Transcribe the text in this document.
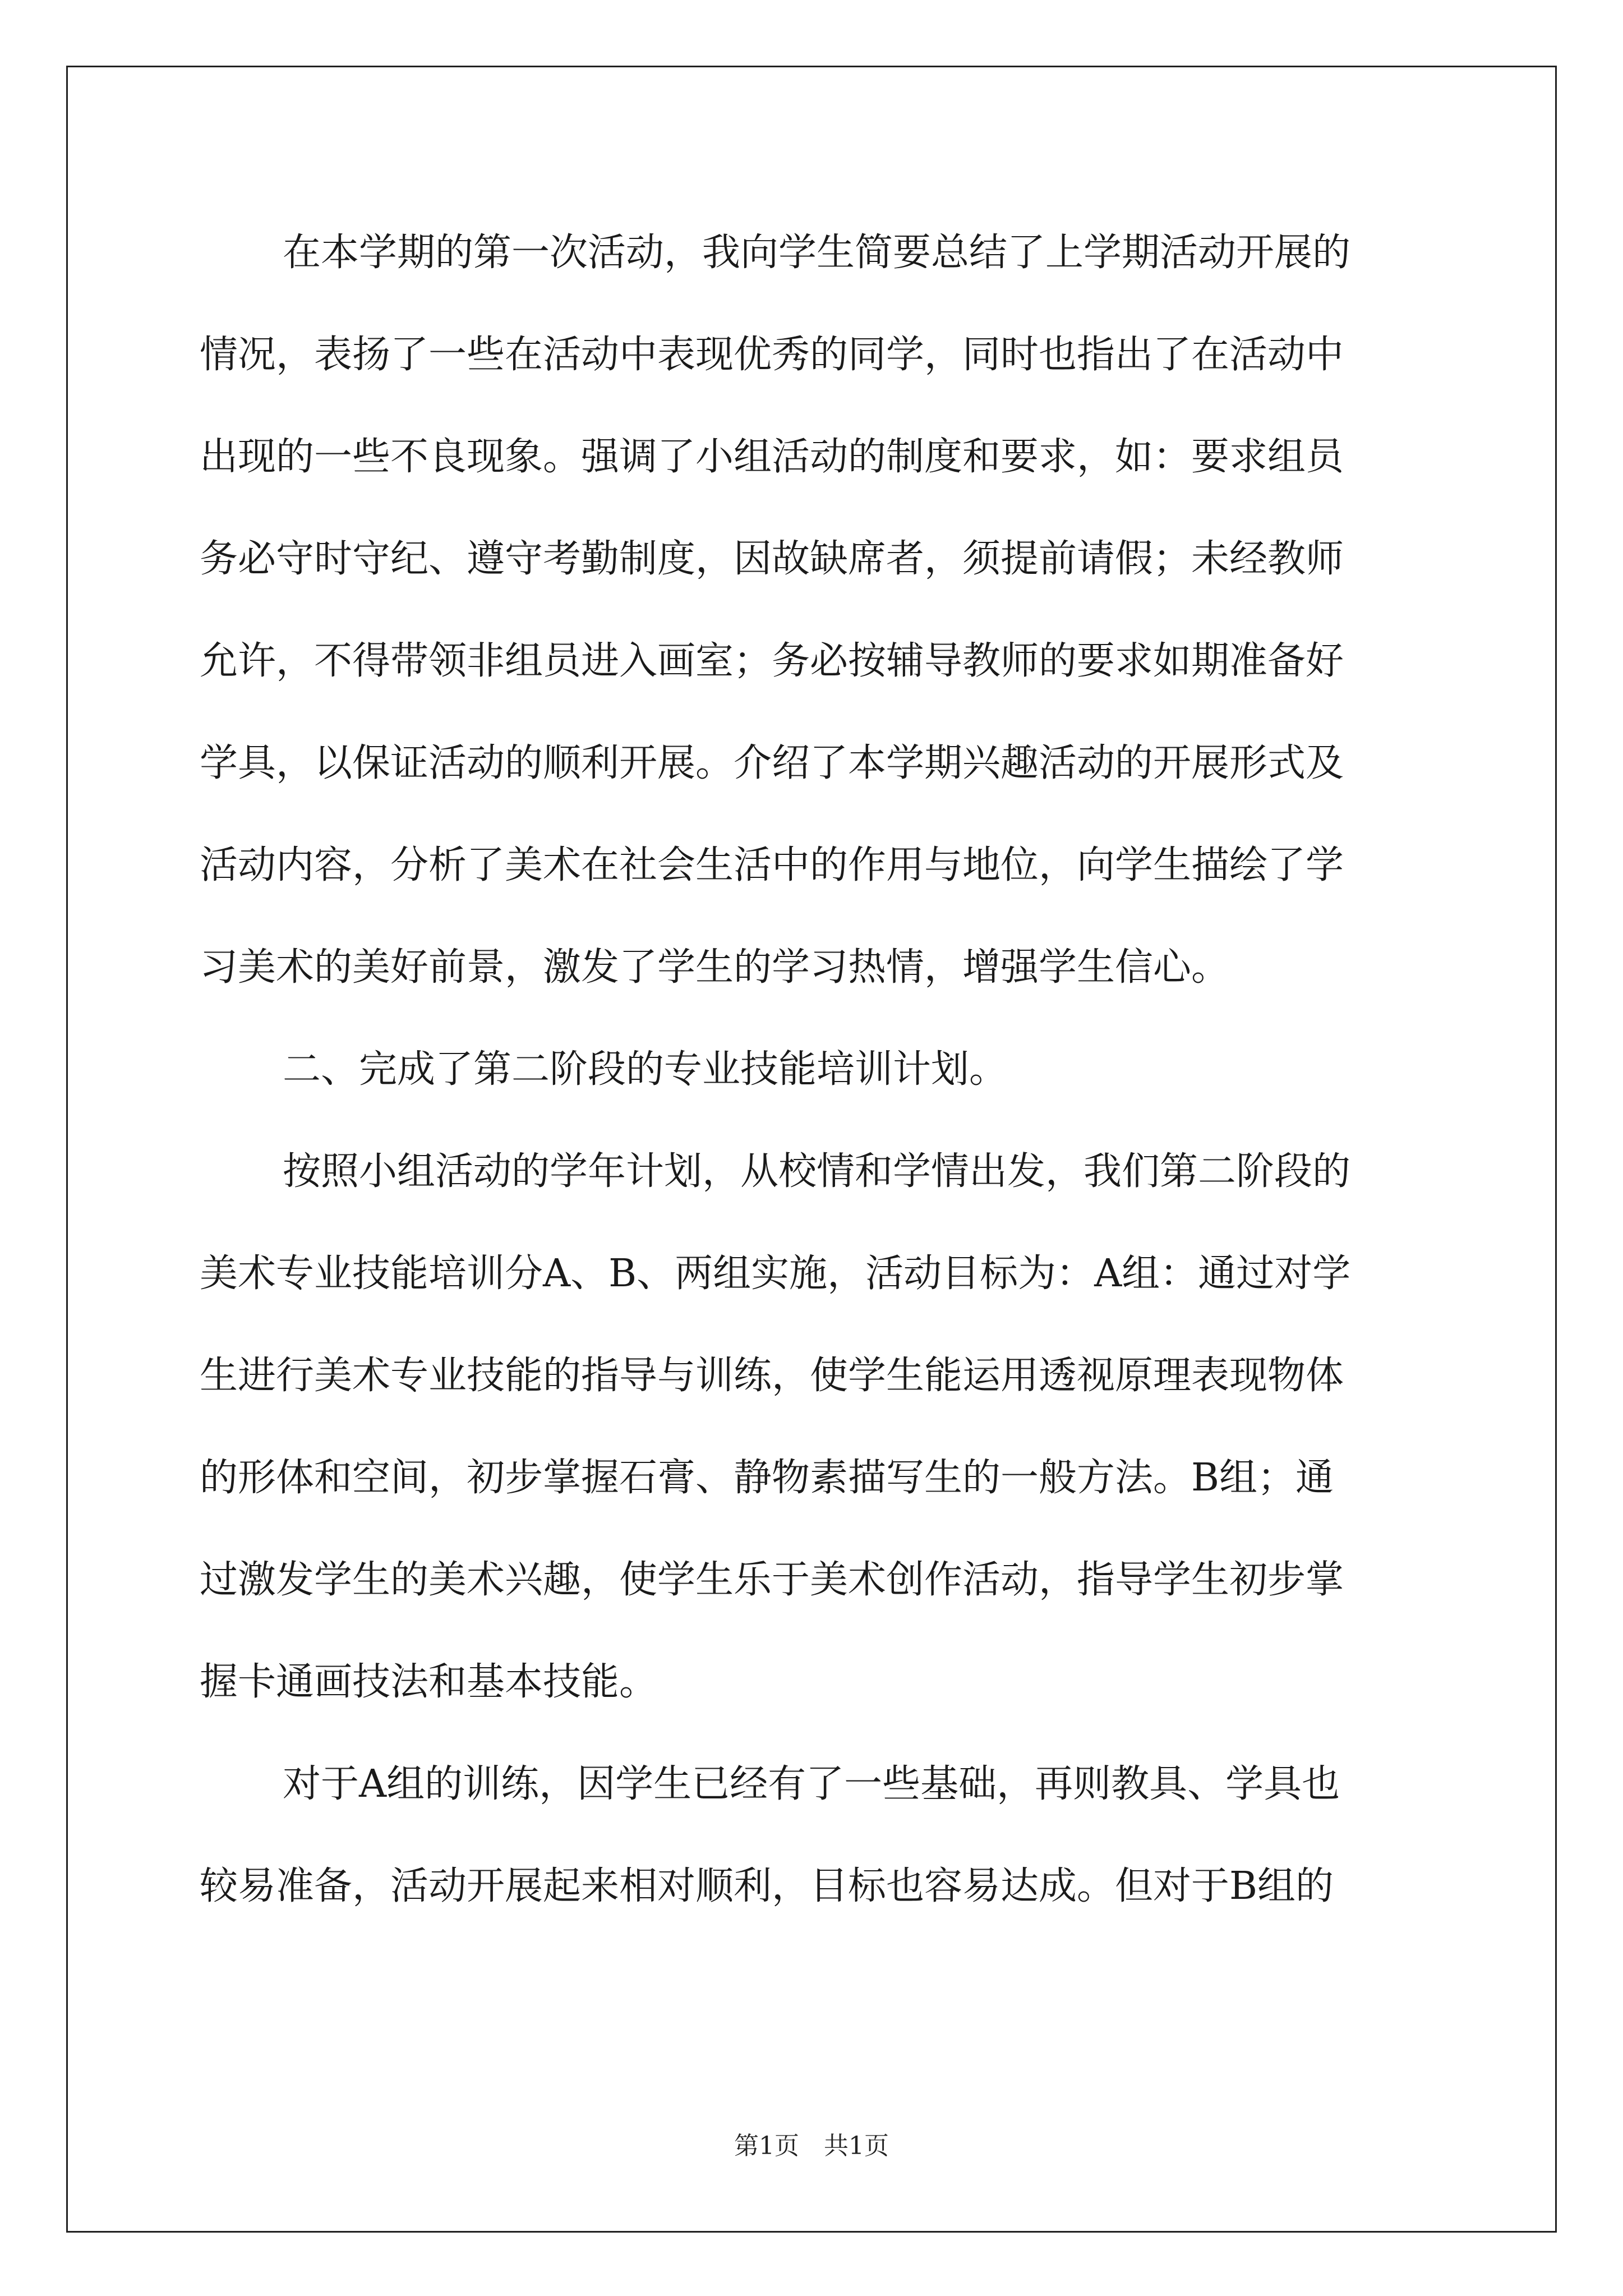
在本学期的第一次活动，我向学生简要总结了上学期活动开展的
情况，表扬了一些在活动中表现优秀的同学，同时也指出了在活动中
出现的一些不良现象。强调了小组活动的制度和要求，如：要求组员
务必守时守纪、遵守考勤制度，因故缺席者，须提前请假；未经教师
允许，不得带领非组员进入画室；务必按辅导教师的要求如期准备好
学具，以保证活动的顺利开展。介绍了本学期兴趣活动的开展形式及
活动内容，分析了美术在社会生活中的作用与地位，向学生描绘了学
习美术的美好前景，激发了学生的学习热情，增强学生信心。
二、完成了第二阶段的专业技能培训计划。
按照小组活动的学年计划，从校情和学情出发，我们第二阶段的
美术专业技能培训分A、B、两组实施，活动目标为：A组：通过对学
生进行美术专业技能的指导与训练，使学生能运用透视原理表现物体
的形体和空间，初步掌握石膏、静物素描写生的一般方法。B组；通
过激发学生的美术兴趣，使学生乐于美术创作活动，指导学生初步掌
握卡通画技法和基本技能。
对于A组的训练，因学生已经有了一些基础，再则教具、学具也
较易准备，活动开展起来相对顺利，目标也容易达成。但对于B组的
第1页　共1页
